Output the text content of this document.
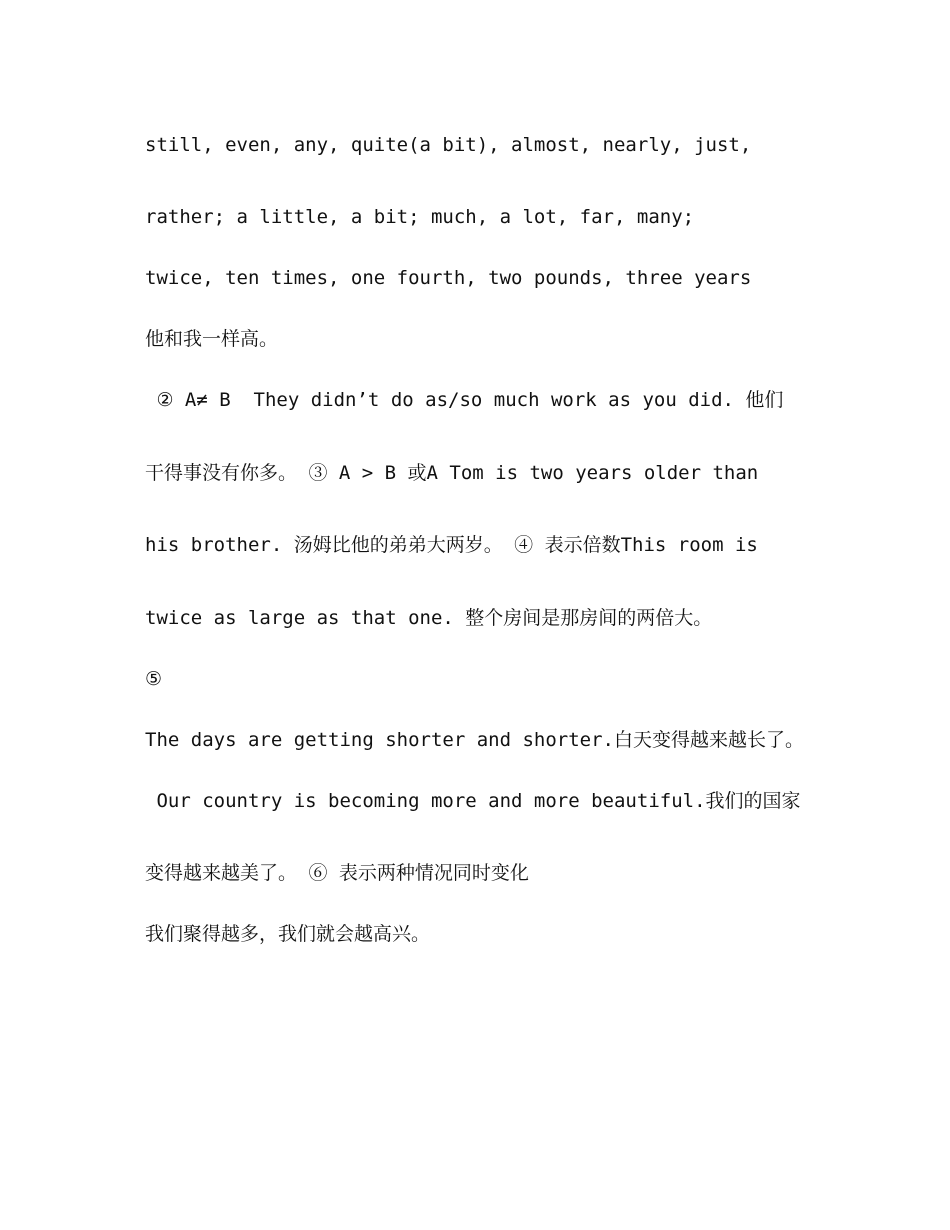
still, even, any, quite(a bit), almost, nearly, just,
rather; a little, a bit; much, a lot, far, many;
twice, ten times, one fourth, two pounds, three years
他和我一样高。
② A≠ B  They didn’t do as/so much work as you did. 他们
干得事没有你多。 ③ A > B 或A Tom is two years older than
his brother. 汤姆比他的弟弟大两岁。 ④ 表示倍数This room is
twice as large as that one. 整个房间是那房间的两倍大。
⑤
The days are getting shorter and shorter.白天变得越来越长了。
Our country is becoming more and more beautiful.我们的国家
变得越来越美了。 ⑥ 表示两种情况同时变化
我们聚得越多，我们就会越高兴。
